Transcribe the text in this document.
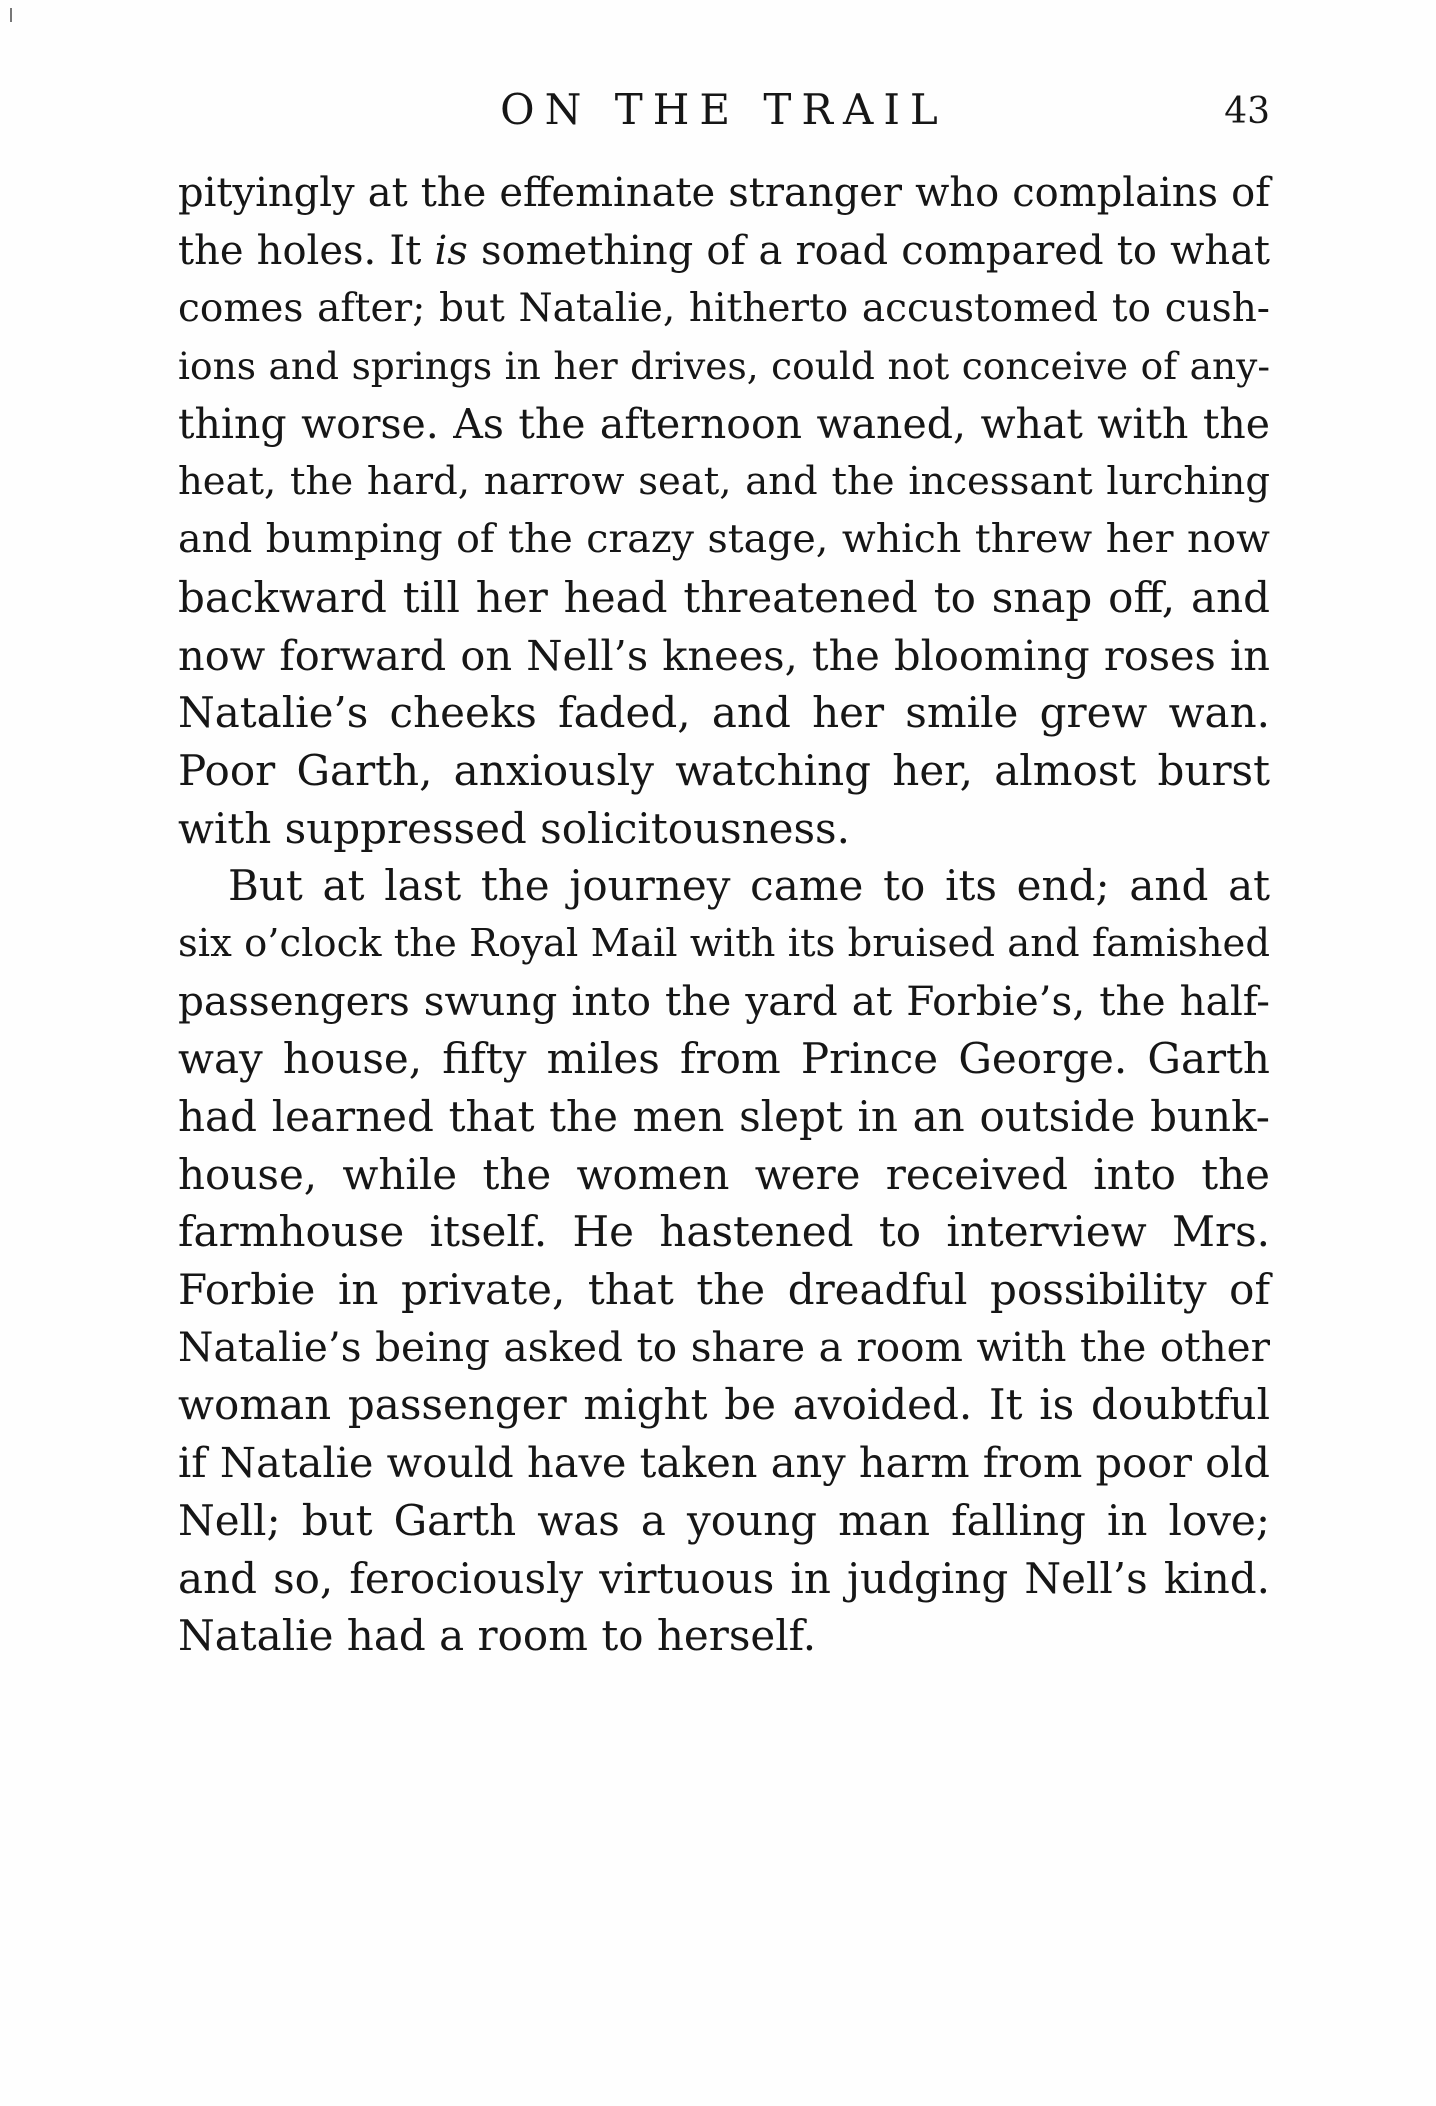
ON THE TRAIL	43
pityingly at the effeminate stranger who complains of
the holes. It is something of a road compared to what
comes after; but Natalie, hitherto accustomed to cush-
ions and springs in her drives, could not conceive of any-
thing worse. As the afternoon waned, what with the
heat, the hard, narrow seat, and the incessant lurching
and bumping of the crazy stage, which threw her now
backward till her head threatened to snap off, and
now forward on Nell’s knees, the blooming roses in
Natalie’s cheeks faded, and her smile grew wan.
Poor Garth, anxiously watching her, almost burst
with suppressed solicitousness.
But at last the journey came to its end; and at
six o’clock the Royal Mail with its bruised and famished
passengers swung into the yard at Forbie’s, the half-
way house, fifty miles from Prince George. Garth
had learned that the men slept in an outside bunk-
house, while the women were received into the
farmhouse itself. He hastened to interview Mrs.
Forbie in private, that the dreadful possibility of
Natalie’s being asked to share a room with the other
woman passenger might be avoided. It is doubtful
if Natalie would have taken any harm from poor old
Nell; but Garth was a young man falling in love;
and so, ferociously virtuous in judging Nell’s kind.
Natalie had a room to herself.
